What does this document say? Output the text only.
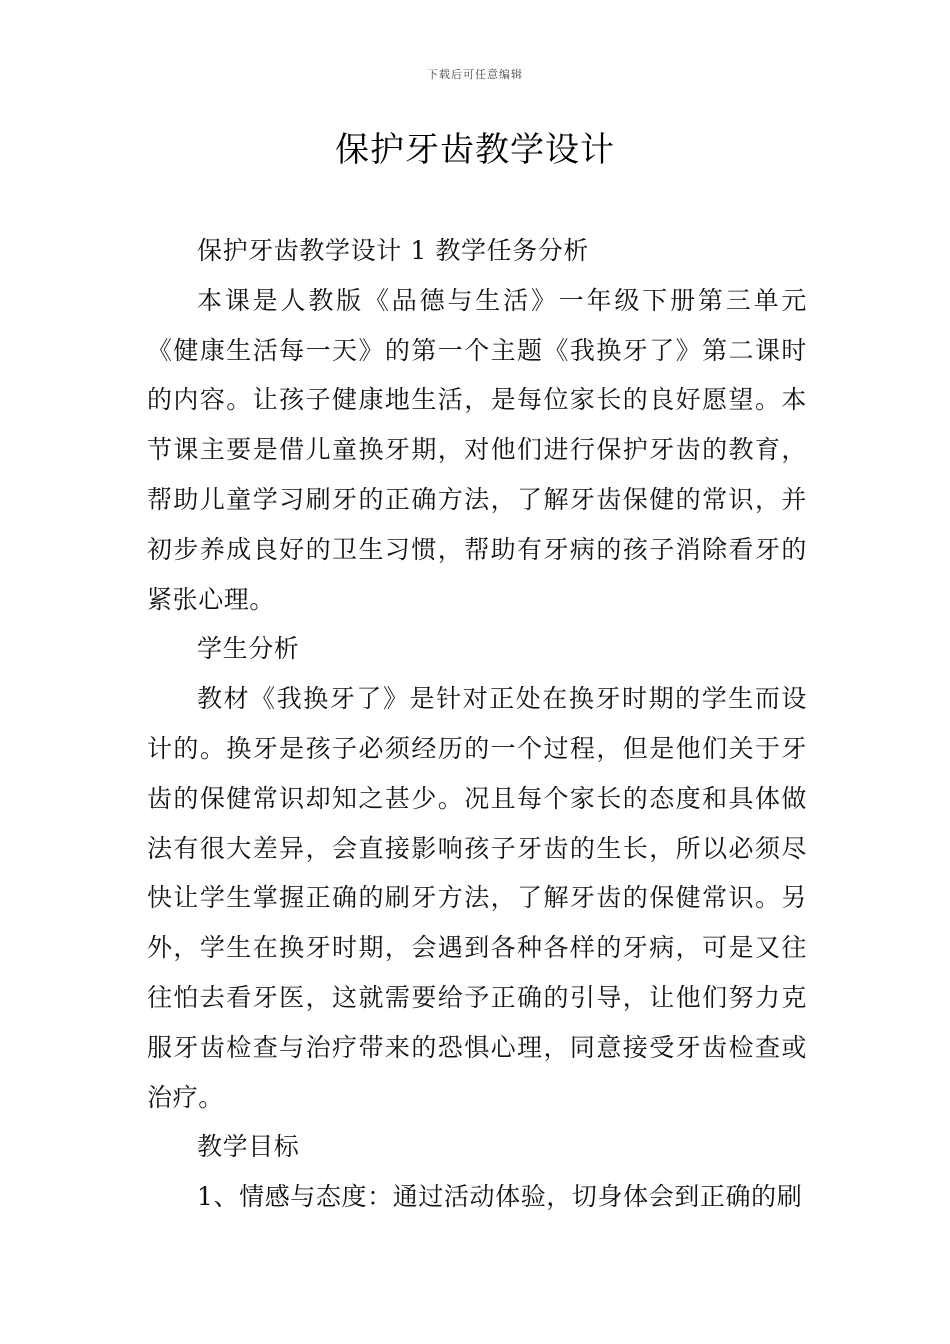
下载后可任意编辑
保护牙齿教学设计

保护牙齿教学设计 1 教学任务分析

本课是人教版《品德与生活》一年级下册第三单元《健康生活每一天》的第一个主题《我换牙了》第二课时的内容。让孩子健康地生活，是每位家长的良好愿望。本节课主要是借儿童换牙期，对他们进行保护牙齿的教育，帮助儿童学习刷牙的正确方法，了解牙齿保健的常识，并初步养成良好的卫生习惯，帮助有牙病的孩子消除看牙的紧张心理。

学生分析

教材《我换牙了》是针对正处在换牙时期的学生而设计的。换牙是孩子必须经历的一个过程，但是他们关于牙齿的保健常识却知之甚少。况且每个家长的态度和具体做法有很大差异，会直接影响孩子牙齿的生长，所以必须尽快让学生掌握正确的刷牙方法，了解牙齿的保健常识。另外，学生在换牙时期，会遇到各种各样的牙病，可是又往往怕去看牙医，这就需要给予正确的引导，让他们努力克服牙齿检查与治疗带来的恐惧心理，同意接受牙齿检查或治疗。

教学目标

1、情感与态度：通过活动体验，切身体会到正确的刷
